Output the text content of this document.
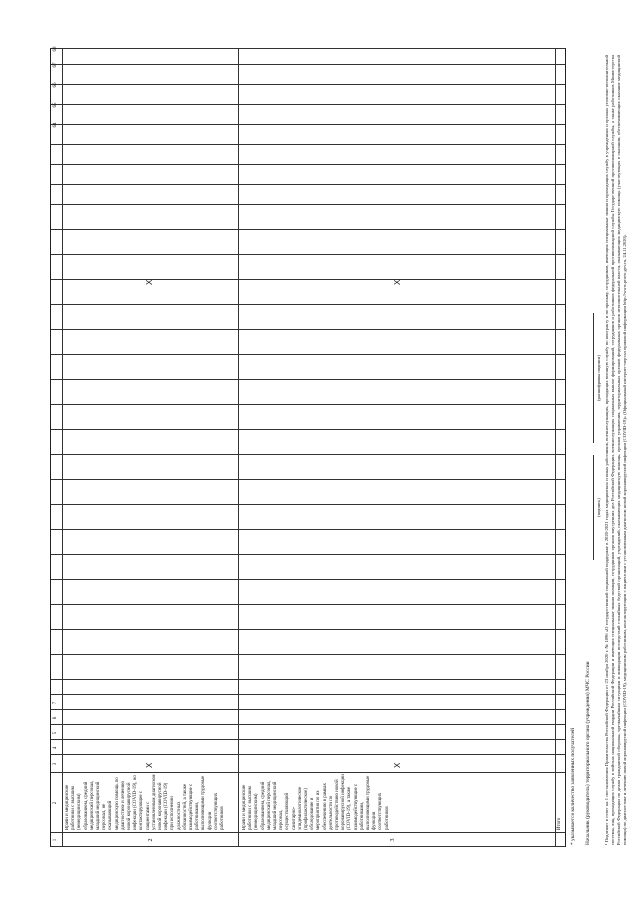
1
2
3
4
5
6
7
64
65
66
67
68
2
Врачи и медицинские работники с высшим (немедицинским) образованием, средний медицинский персонал, младший медицинский персонал, не оказывающий медицинскую помощь по диагностике и лечению новой коронавирусной инфекции (COVID-19), но контактирующие с пациентами с установленным диагнозом новой коронавирусной инфекции (COVID-19) при исполнении должностных обязанностей, а также взаимодействующие с работниками, выполняющими трудовые функции соответствующих работников
X
X
3
Врачи и медицинские работники с высшим (немедицинским) образованием, средний медицинский персонал, младший медицинский персонал, осуществляющий санитарно-эпидемиологическое (профилактическое) обследование и мероприятия по их обеспечению в рамках деятельности по противодействию новой коронавирусной инфекции (COVID-19), а также взаимодействующие с работниками, выполняющими трудовые функции соответствующих работников
X
X
Итого * указывается количество заявленных получателей Начальник (руководитель) территориального органа (учреждения) МЧС России
(подпись)
(расшифровка подписи) ¹ Подлежит в ответ на 1 постановления Правительства Российской Федерации от 23 ноября 2020 г. № 1896 «О государственной социальной поддержке в 2020-2021 годах медицинских и иных работников, военнослужащих, проходящих военную службу по контракту и по призыву, сотрудников, имеющих специальные звания и проходящих службу в учреждениях и органах уголовно-исполнительной системы, лиц, проходящих службу в войсках национальной гвардии Российской Федерации и имеющих специальные звания полиции, сотрудников органов внутренних дел Российской Федерации, военнослужащих социальных выплат формирований, сотрудников и работников федеральной противопожарной службы Государственной противопожарной службы, а также работников Министерства Российской Федерации по делам гражданской обороны, чрезвычайным ситуациям и ликвидации последствий стихийных бедствий организаций, учреждений, оказывающих медицинскую помощь, органов управления, территориальных органов федеральных органов исполнительной власти, оказывающих медицинскую помощь (участвующих в оказании, обеспечивающих оказание медицинской помощи) по диагностике и лечению новой коронавирусной инфекции (COVID-19), медицинским работникам, контактирующим с пациентами с установленным диагнозом новой коронавирусной инфекции (COVID-19)» (Официальный интернет-портал правовой информации http://www.pravo.gov.ru, 24.11.2020).
